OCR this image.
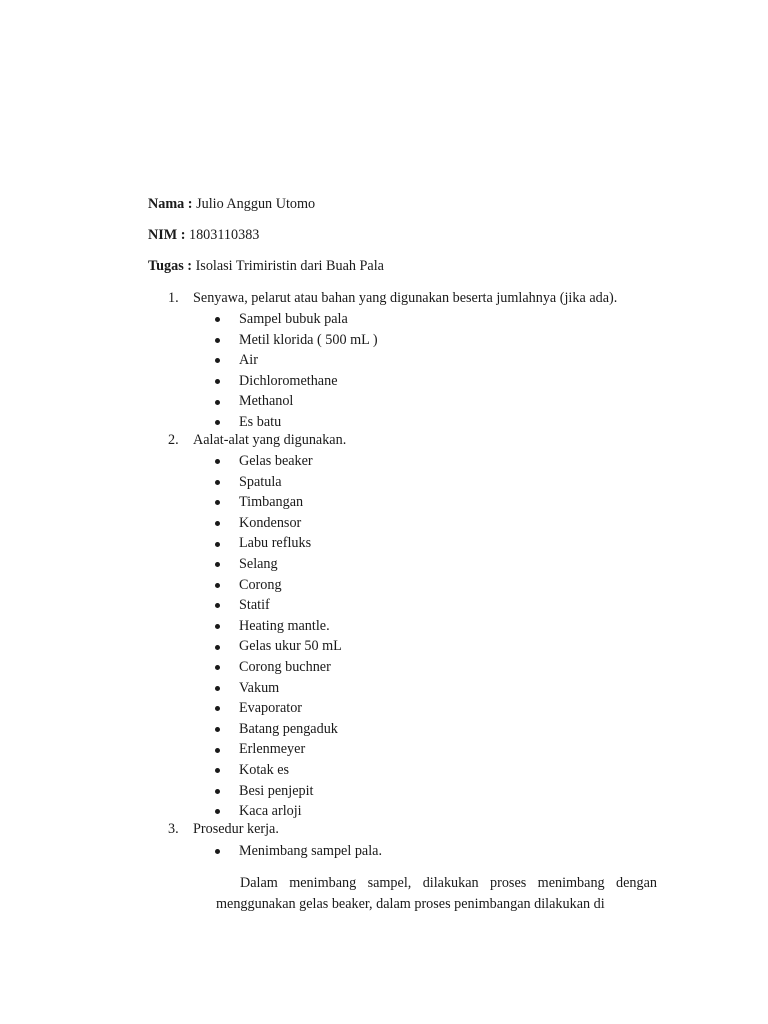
Nama : Julio Anggun Utomo
NIM : 1803110383
Tugas : Isolasi Trimiristin dari Buah Pala
1. Senyawa, pelarut atau bahan yang digunakan beserta jumlahnya (jika ada).
Sampel bubuk pala
Metil klorida ( 500 mL )
Air
Dichloromethane
Methanol
Es batu
2. Aalat-alat yang digunakan.
Gelas beaker
Spatula
Timbangan
Kondensor
Labu refluks
Selang
Corong
Statif
Heating mantle.
Gelas ukur 50 mL
Corong buchner
Vakum
Evaporator
Batang pengaduk
Erlenmeyer
Kotak es
Besi penjepit
Kaca arloji
3. Prosedur kerja.
Menimbang sampel pala.
Dalam menimbang sampel, dilakukan proses menimbang dengan menggunakan gelas beaker, dalam proses penimbangan dilakukan di
